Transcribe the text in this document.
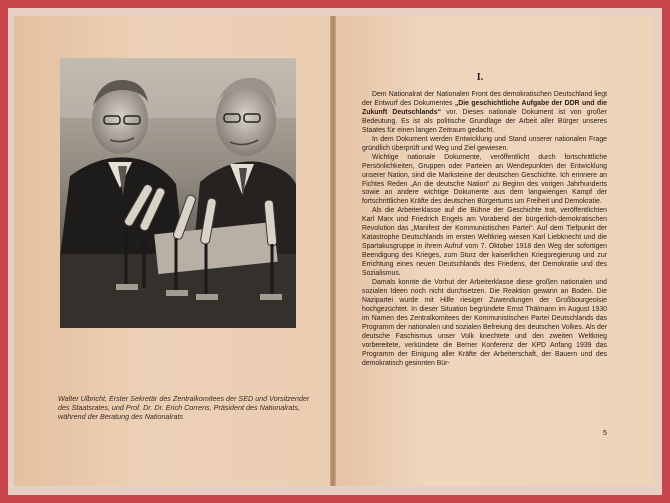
Walter Ulbricht, Erster Sekretär des Zentralkomitees der SED und Vorsitzender des Staatsrates, und Prof. Dr. Dr. Erich Correns, Präsident des Nationalrats, während der Beratung des Nationalrats
I.

Dem Nationalrat der Nationalen Front des demokratischen Deutschland liegt der Entwurf des Dokumentes „Die geschichtliche Aufgabe der DDR und die Zukunft Deutschlands“ vor. Dieses nationale Dokument ist von großer Bedeutung. Es ist als politische Grundlage der Arbeit aller Bürger unseres Staates für einen langen Zeitraum gedacht.

In dem Dokument werden Entwicklung und Stand unserer nationalen Frage gründlich überprüft und Weg und Ziel gewiesen.

Wichtige nationale Dokumente, veröffentlicht durch fortschrittliche Persönlichkeiten, Gruppen oder Parteien an Wendepunkten der Entwicklung unserer Nation, sind die Marksteine der deutschen Geschichte. Ich erinnere an Fichtes Reden „An die deutsche Nation“ zu Beginn des vorigen Jahrhunderts sowie an andere wichtige Dokumente aus dem langwierigen Kampf der fortschrittlichen Kräfte des deutschen Bürgertums um Freiheit und Demokratie.

Als die Arbeiterklasse auf die Bühne der Geschichte trat, veröffentlichten Karl Marx und Friedrich Engels am Vorabend der bürgerlich-demokratischen Revolution das „Manifest der Kommunistischen Partei“. Auf dem Tiefpunkt der Katastrophe Deutschlands im ersten Weltkrieg wiesen Karl Liebknecht und die Spartakusgruppe in ihrem Aufruf vom 7. Oktober 1918 den Weg der sofortigen Beendigung des Krieges, zum Sturz der kaiserlichen Kriegsregierung und zur Errichtung eines neuen Deutschlands des Friedens, der Demokratie und des Sozialismus.

Damals konnte die Vorhut der Arbeiterklasse diese großen nationalen und sozialen Ideen noch nicht durchsetzen. Die Reaktion gewann an Boden. Die Nazipartei wurde mit Hilfe riesiger Zuwendungen der Großbourgeoisie hochgezüchtet. In dieser Situation begründete Ernst Thälmann im August 1930 im Namen des Zentralkomitees der Kommunistischen Partei Deutschlands das Programm der nationalen und sozialen Befreiung des deutschen Volkes. Als der deutsche Faschismus unser Volk knechtete und den zweiten Weltkrieg vorbereitete, verkündete die Berner Konferenz der KPD Anfang 1939 das Programm der Einigung aller Kräfte der Arbeiterschaft, der Bauern und des demokratisch gesinnten Bür-

5
